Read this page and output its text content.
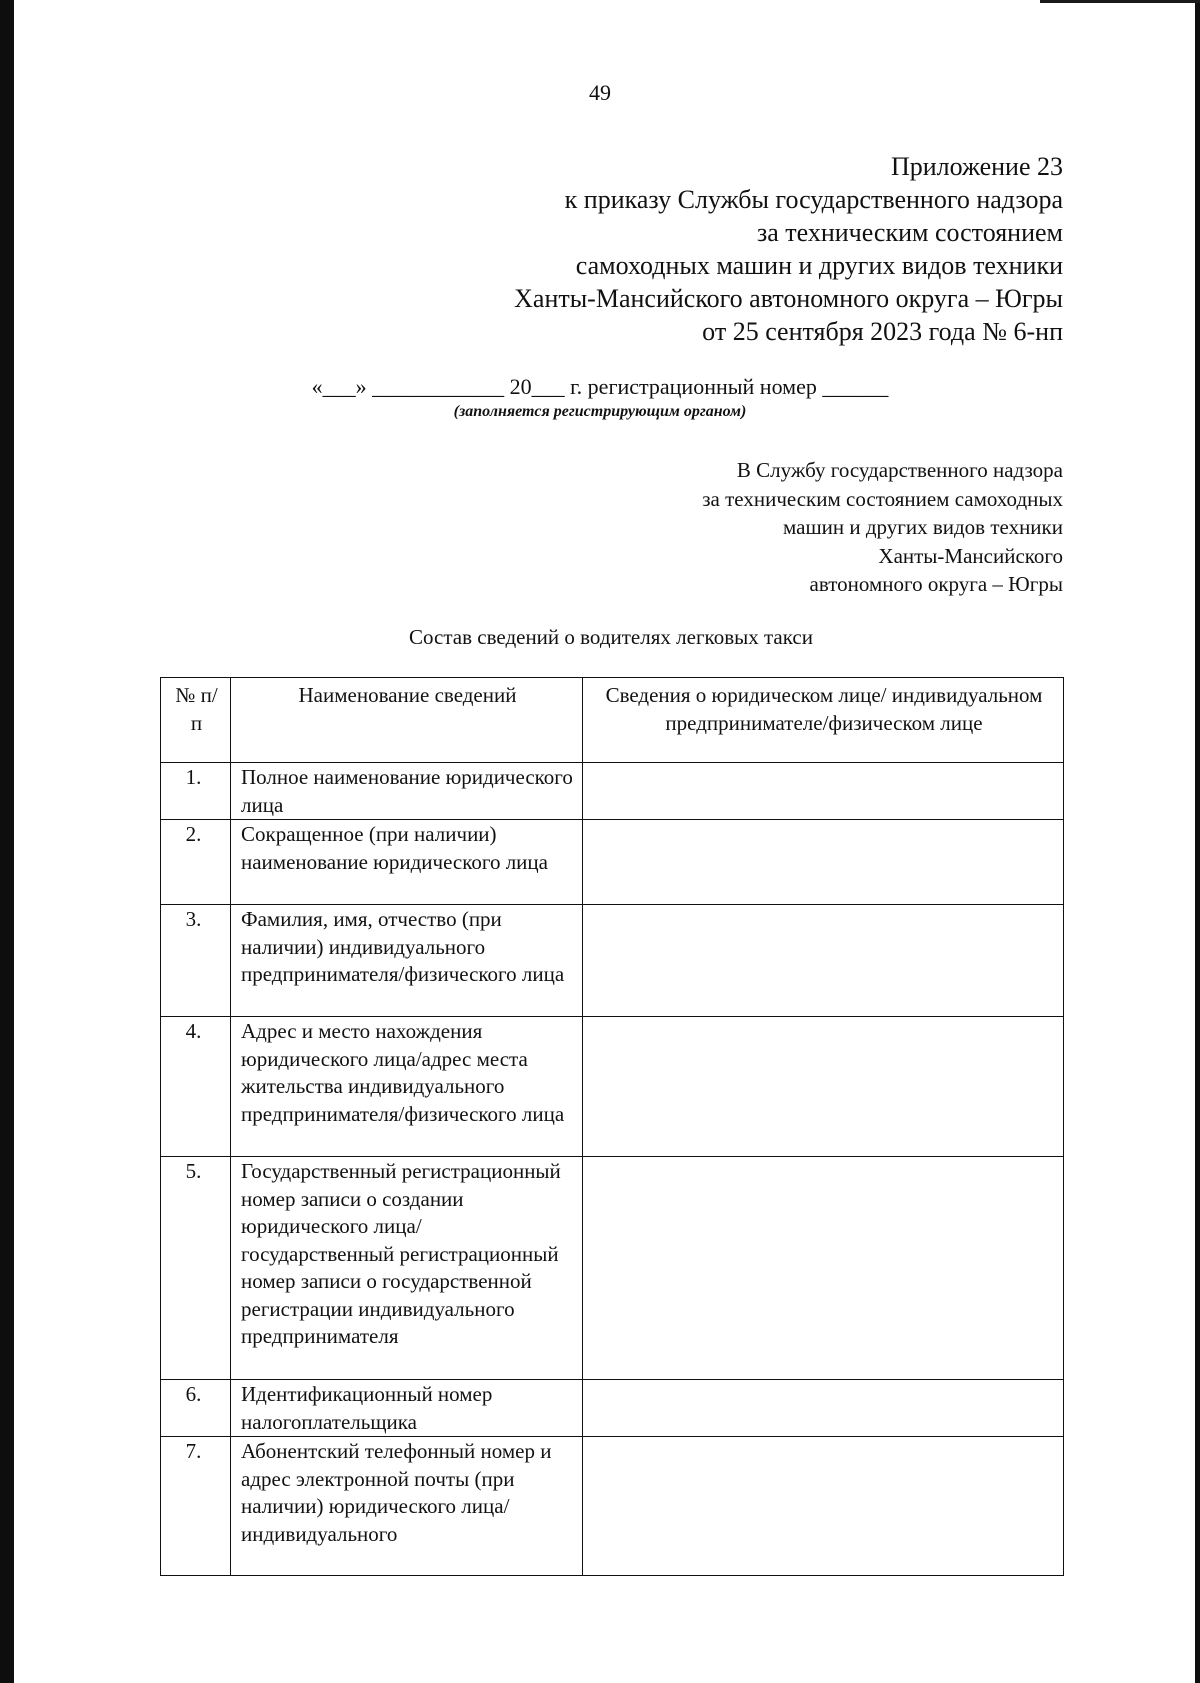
49
Приложение 23
к приказу Службы государственного надзора
за техническим состоянием
самоходных машин и других видов техники
Ханты-Мансийского автономного округа – Югры
от 25 сентября 2023 года № 6-нп
«___» ____________ 20___ г. регистрационный номер ______
(заполняется регистрирующим органом)
В Службу государственного надзора
за техническим состоянием самоходных
машин и других видов техники
Ханты-Мансийского
автономного округа – Югры
Состав сведений о водителях легковых такси
№ п/п	Наименование сведений	Сведения о юридическом лице/ индивидуальном предпринимателе/физическом лице
1.	Полное наименование юридического лица	
2.	Сокращенное (при наличии) наименование юридического лица	
3.	Фамилия, имя, отчество (при наличии) индивидуального предпринимателя/физического лица	
4.	Адрес и место нахождения юридического лица/адрес места жительства индивидуального предпринимателя/физического лица	
5.	Государственный регистрационный номер записи о создании юридического лица/государственный регистрационный номер записи о государственной регистрации индивидуального предпринимателя	
6.	Идентификационный номер налогоплательщика	
7.	Абонентский телефонный номер и адрес электронной почты (при наличии) юридического лица/индивидуального	
